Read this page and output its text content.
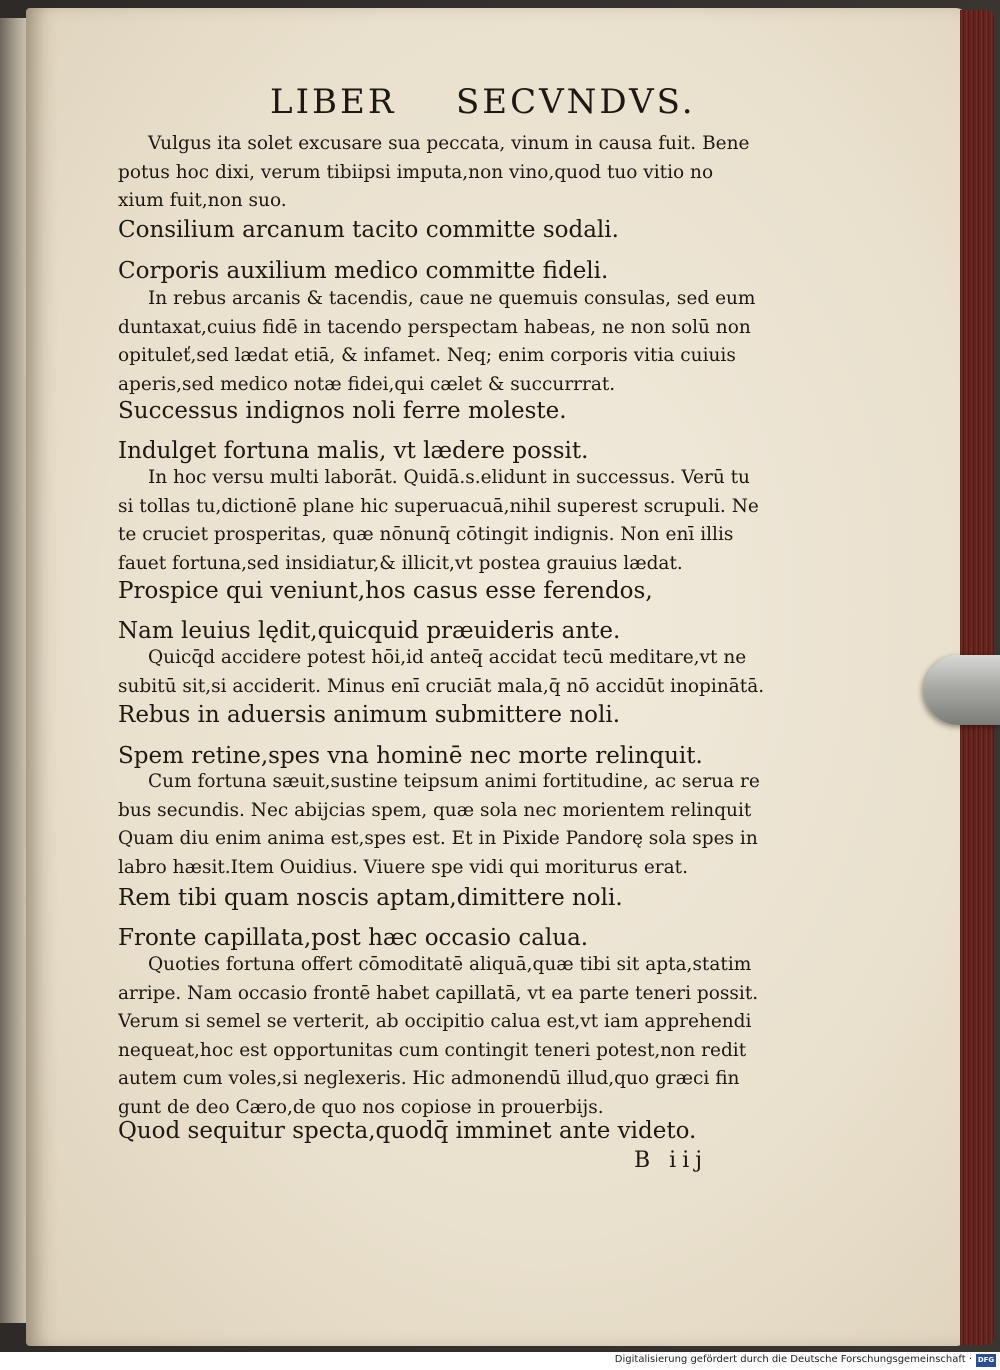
LIBER SECVNDVS.
Vulgus ita solet excusare sua peccata, vinum in causa fuit. Bene
potus hoc dixi, verum tibiipsi imputa,non vino,quod tuo vitio no
xium fuit,non suo.
Consilium arcanum tacito committe sodali.
Corporis auxilium medico committe fideli.
In rebus arcanis & tacendis, caue ne quemuis consulas, sed eum
duntaxat,cuius fidē in tacendo perspectam habeas, ne non solū non
opituleť,sed lædat etiā, & infamet. Neq; enim corporis vitia cuiuis
aperis,sed medico notæ fidei,qui cælet & succurrrat.
Successus indignos noli ferre moleste.
Indulget fortuna malis, vt lædere possit.
In hoc versu multi laborāt. Quidā.s.elidunt in successus. Verū tu
si tollas tu,dictionē plane hic superuacuā,nihil superest scrupuli. Ne
te cruciet prosperitas, quæ nōnunq̄ cōtingit indignis. Non enī illis
fauet fortuna,sed insidiatur,& illicit,vt postea grauius lædat.
Prospice qui veniunt,hos casus esse ferendos,
Nam leuius lędit,quicquid præuideris ante.
Quicq̄d accidere potest hōi,id anteq̄ accidat tecū meditare,vt ne
subitū sit,si acciderit. Minus enī cruciāt mala,q̄ nō accidūt inopinātā.
Rebus in aduersis animum submittere noli.
Spem retine,spes vna hominē nec morte relinquit.
Cum fortuna sæuit,sustine teipsum animi fortitudine, ac serua re
bus secundis. Nec abijcias spem, quæ sola nec morientem relinquit
Quam diu enim anima est,spes est. Et in Pixide Pandorę sola spes in
labro hæsit.Item Ouidius. Viuere spe vidi qui moriturus erat.
Rem tibi quam noscis aptam,dimittere noli.
Fronte capillata,post hæc occasio calua.
Quoties fortuna offert cōmoditatē aliquā,quæ tibi sit apta,statim
arripe. Nam occasio frontē habet capillatā, vt ea parte teneri possit.
Verum si semel se verterit, ab occipitio calua est,vt iam apprehendi
nequeat,hoc est opportunitas cum contingit teneri potest,non redit
autem cum voles,si neglexeris. Hic admonendū illud,quo græci fin
gunt de deo Cæro,de quo nos copiose in prouerbijs.
Quod sequitur specta,quodq̄ imminet ante videto.
B iij
Digitalisierung gefördert durch die Deutsche Forschungsgemeinschaft · DFG
